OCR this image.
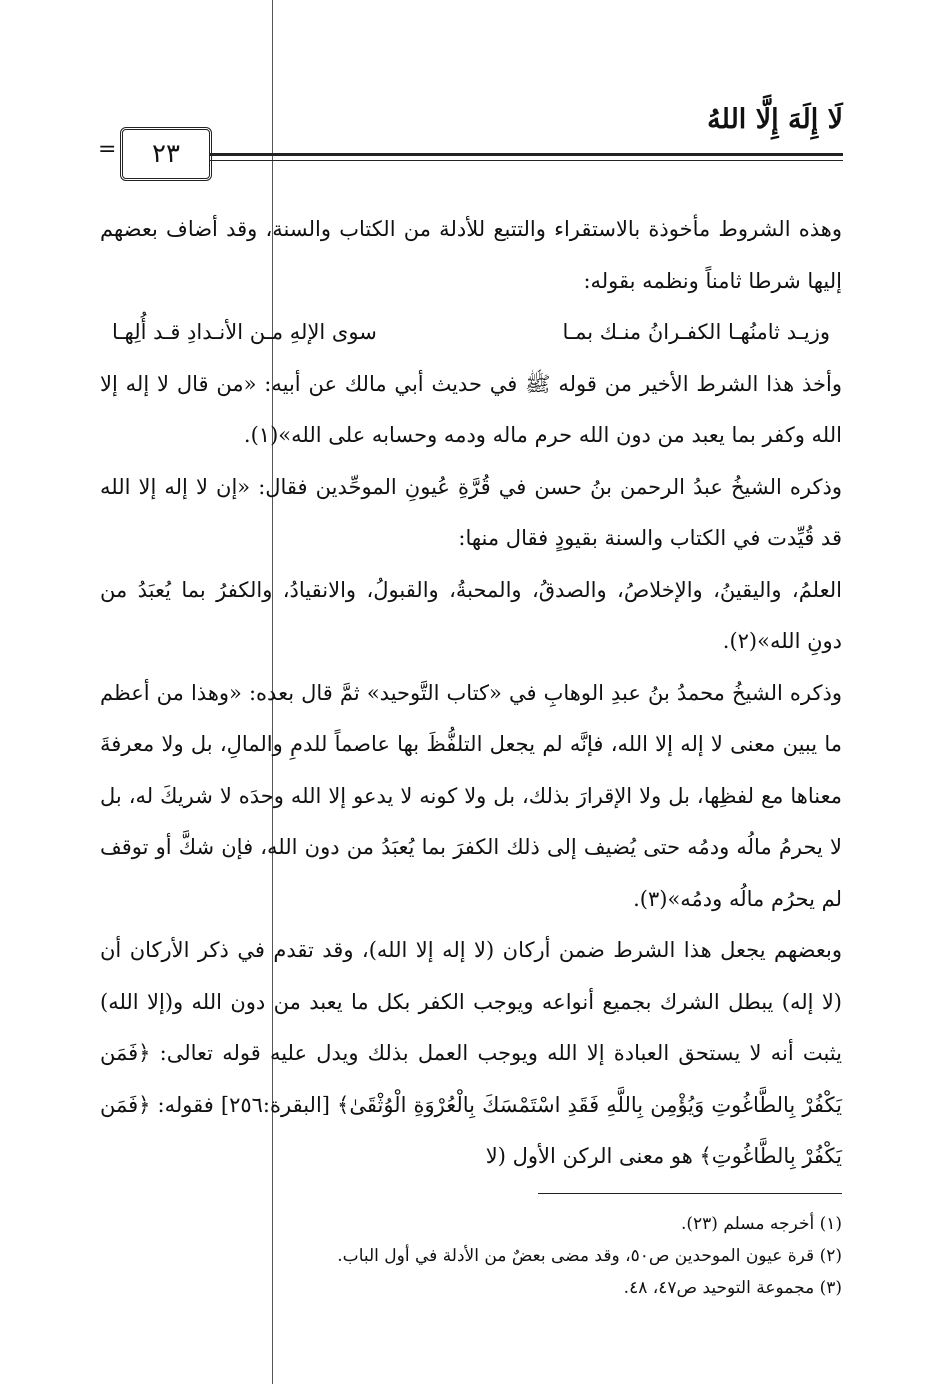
لَا إِلَهَ إِلَّا اللهُ
٢٣
=

وهذه الشروط مأخوذة بالاستقراء والتتبع للأدلة من الكتاب والسنة، وقد أضاف بعضهم إليها شرطا ثامناً ونظمه بقوله:

وزيـد ثامنُهـا الكفـرانُ منـك بمـا
سوى الإلهِ مـن الأنـدادِ قـد أُلِهـا

وأخذ هذا الشرط الأخير من قوله ﷺ في حديث أبي مالك عن أبيه: «من قال لا إله إلا الله وكفر بما يعبد من دون الله حرم ماله ودمه وحسابه على الله»(١).

وذكره الشيخُ عبدُ الرحمن بنُ حسن في قُرَّةِ عُيونِ الموحِّدين فقال: «إن لا إله إلا الله قد قُيِّدت في الكتاب والسنة بقيودٍ فقال منها:

العلمُ، واليقينُ، والإخلاصُ، والصدقُ، والمحبةُ، والقبولُ، والانقيادُ، والكفرُ بما يُعبَدُ من دونِ الله»(٢).

وذكره الشيخُ محمدُ بنُ عبدِ الوهابِ في «كتاب التَّوحيد» ثمَّ قال بعده: «وهذا من أعظم ما يبين معنى لا إله إلا الله، فإنَّه لم يجعل التلفُّظَ بها عاصماً للدمِ والمالِ، بل ولا معرفةَ معناها مع لفظِها، بل ولا الإقرارَ بذلك، بل ولا كونه لا يدعو إلا الله وحدَه لا شريكَ له، بل لا يحرمُ مالُه ودمُه حتى يُضيف إلى ذلك الكفرَ بما يُعبَدُ من دون الله، فإن شكَّ أو توقف لم يحرُم مالُه ودمُه»(٣).

وبعضهم يجعل هذا الشرط ضمن أركان (لا إله إلا الله)، وقد تقدم في ذكر الأركان أن (لا إله) يبطل الشرك بجميع أنواعه ويوجب الكفر بكل ما يعبد من دون الله و(إلا الله) يثبت أنه لا يستحق العبادة إلا الله ويوجب العمل بذلك ويدل عليه قوله تعالى: ﴿فَمَن يَكْفُرْ بِالطَّاغُوتِ وَيُؤْمِن بِاللَّهِ فَقَدِ اسْتَمْسَكَ بِالْعُرْوَةِ الْوُثْقَىٰ﴾ [البقرة:٢٥٦] فقوله: ﴿فَمَن يَكْفُرْ بِالطَّاغُوتِ﴾ هو معنى الركن الأول (لا

(١) أخرجه مسلم (٢٣).

(٢) قرة عيون الموحدين ص٥٠، وقد مضى بعضٌ من الأدلة في أول الباب.

(٣) مجموعة التوحيد ص٤٧، ٤٨.
